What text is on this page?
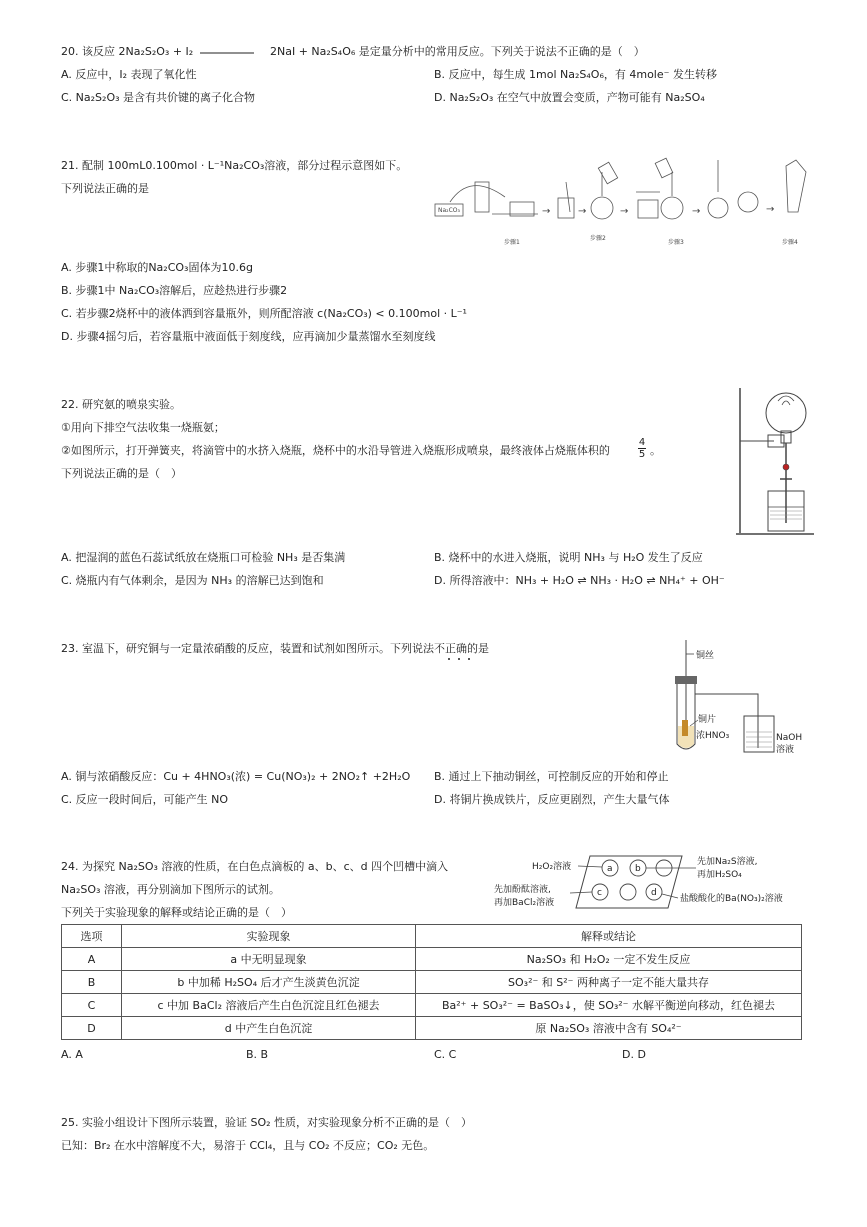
20. 该反应 2Na₂S₂O₃ + I₂	2NaI + Na₂S₄O₆ 是定量分析中的常用反应。下列关于说法不正确的是（　）
A. 反应中，I₂ 表现了氧化性	B. 反应中，每生成 1mol Na₂S₄O₆，有 4mole⁻ 发生转移
C. Na₂S₂O₃ 是含有共价键的离子化合物	D. Na₂S₂O₃ 在空气中放置会变质，产物可能有 Na₂SO₄
21. 配制 100mL0.100mol · L⁻¹Na₂CO₃溶液，部分过程示意图如下。
下列说法正确的是
Na₂CO₃
步骤1
→	→
步骤2
→
步骤3
→	→
步骤4
A. 步骤1中称取的Na₂CO₃固体为10.6g
B. 步骤1中 Na₂CO₃溶解后，应趁热进行步骤2
C. 若步骤2烧杯中的液体洒到容量瓶外，则所配溶液 c(Na₂CO₃) < 0.100mol · L⁻¹
D. 步骤4摇匀后，若容量瓶中液面低于刻度线，应再滴加少量蒸馏水至刻度线
22. 研究氨的喷泉实验。
①用向下排空气法收集一烧瓶氨；
②如图所示，打开弹簧夹，将滴管中的水挤入烧瓶，烧杯中的水沿导管进入烧瓶形成喷泉，最终液体占烧瓶体积的
4
5 。
下列说法正确的是（　）
A. 把湿润的蓝色石蕊试纸放在烧瓶口可检验 NH₃ 是否集满	B. 烧杯中的水进入烧瓶，说明 NH₃ 与 H₂O 发生了反应
C. 烧瓶内有气体剩余，是因为 NH₃ 的溶解已达到饱和	D. 所得溶液中：NH₃ + H₂O ⇌ NH₃ · H₂O ⇌ NH₄⁺ + OH⁻
23. 室温下，研究铜与一定量浓硝酸的反应，装置和试剂如图所示。下列说法不正确的是
铜丝
铜片
浓HNO₃	NaOH
溶液
A. 铜与浓硝酸反应：Cu + 4HNO₃(浓) = Cu(NO₃)₂ + 2NO₂↑ +2H₂O B. 通过上下抽动铜丝，可控制反应的开始和停止
C. 反应一段时间后，可能产生 NO	D. 将铜片换成铁片，反应更剧烈，产生大量气体
24. 为探究 Na₂SO₃ 溶液的性质，在白色点滴板的 a、b、c、d 四个凹槽中滴入
Na₂SO₃ 溶液，再分别滴加下图所示的试剂。
下列关于实验现象的解释或结论正确的是（　）
a b
c	d
H₂O₂溶液	先加Na₂S溶液,
再加H₂SO₄
先加酚酞溶液,
再加BaCl₂溶液	盐酸酸化的Ba(NO₃)₂溶液
选项	实验现象	解释或结论
A	a 中无明显现象	Na₂SO₃ 和 H₂O₂ 一定不发生反应
B	b 中加稀 H₂SO₄ 后才产生淡黄色沉淀	SO₃²⁻ 和 S²⁻ 两种离子一定不能大量共存
C	c 中加 BaCl₂ 溶液后产生白色沉淀且红色褪去	Ba²⁺ + SO₃²⁻ = BaSO₃↓，使 SO₃²⁻ 水解平衡逆向移动，红色褪去
D	d 中产生白色沉淀	原 Na₂SO₃ 溶液中含有 SO₄²⁻
A. A	B. B	C. C	D. D
25. 实验小组设计下图所示装置，验证 SO₂ 性质，对实验现象分析不正确的是（　）
已知：Br₂ 在水中溶解度不大，易溶于 CCl₄，且与 CO₂ 不反应；CO₂ 无色。
